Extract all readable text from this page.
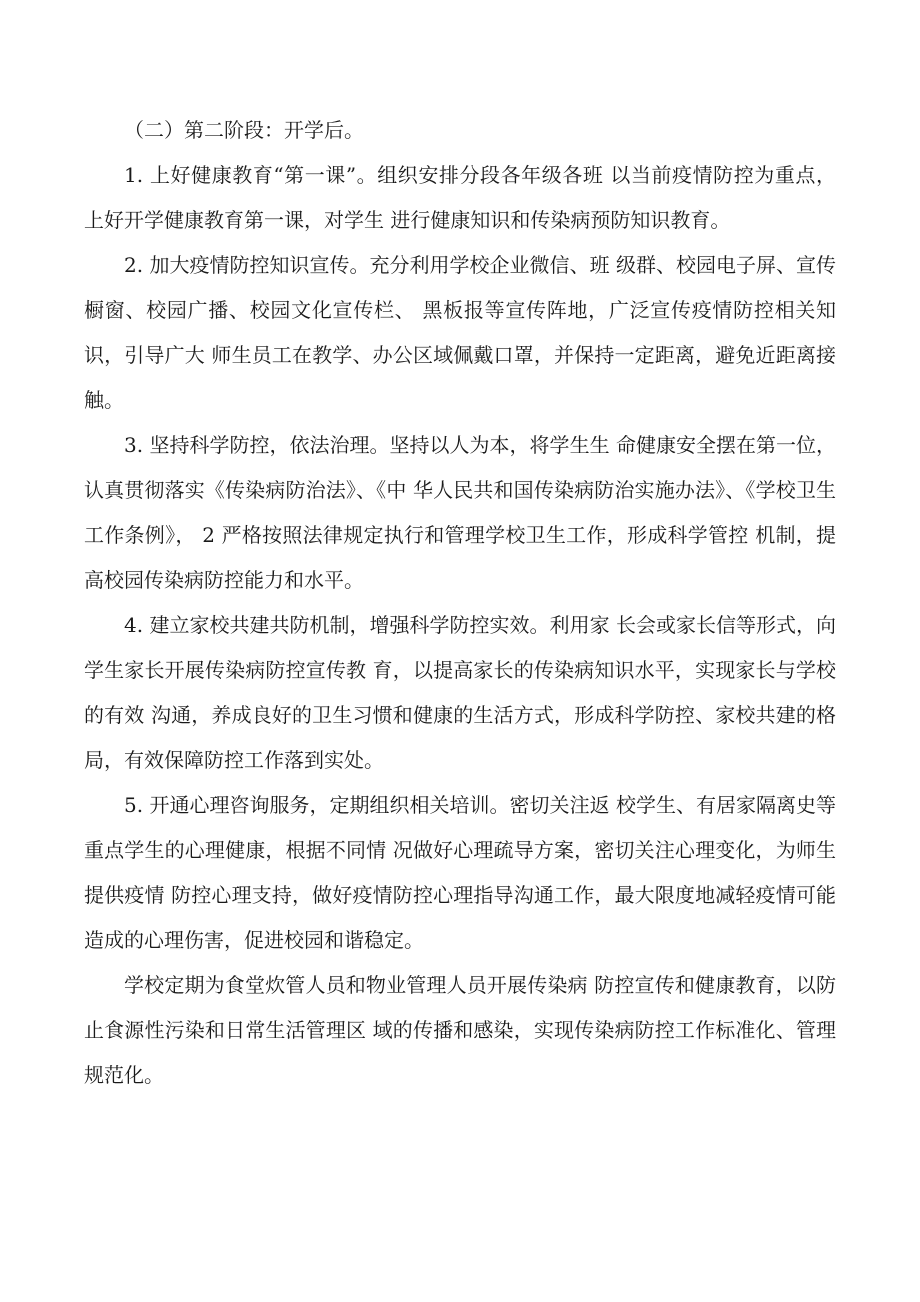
（二）第二阶段：开学后。

1. 上好健康教育“第一课”。组织安排分段各年级各班 以当前疫情防控为重点，上好开学健康教育第一课，对学生 进行健康知识和传染病预防知识教育。

2. 加大疫情防控知识宣传。充分利用学校企业微信、班 级群、校园电子屏、宣传橱窗、校园广播、校园文化宣传栏、 黑板报等宣传阵地，广泛宣传疫情防控相关知识，引导广大 师生员工在教学、办公区域佩戴口罩，并保持一定距离，避免近距离接触。

3. 坚持科学防控，依法治理。坚持以人为本，将学生生 命健康安全摆在第一位，认真贯彻落实《传染病防治法》、《中 华人民共和国传染病防治实施办法》、《学校卫生工作条例》， 2 严格按照法律规定执行和管理学校卫生工作，形成科学管控 机制，提高校园传染病防控能力和水平。

4. 建立家校共建共防机制，增强科学防控实效。利用家 长会或家长信等形式，向学生家长开展传染病防控宣传教 育，以提高家长的传染病知识水平，实现家长与学校的有效 沟通，养成良好的卫生习惯和健康的生活方式，形成科学防控、家校共建的格局，有效保障防控工作落到实处。

5. 开通心理咨询服务，定期组织相关培训。密切关注返 校学生、有居家隔离史等重点学生的心理健康，根据不同情 况做好心理疏导方案，密切关注心理变化，为师生提供疫情 防控心理支持，做好疫情防控心理指导沟通工作，最大限度地减轻疫情可能造成的心理伤害，促进校园和谐稳定。

学校定期为食堂炊管人员和物业管理人员开展传染病 防控宣传和健康教育，以防止食源性污染和日常生活管理区 域的传播和感染，实现传染病防控工作标准化、管理规范化。
